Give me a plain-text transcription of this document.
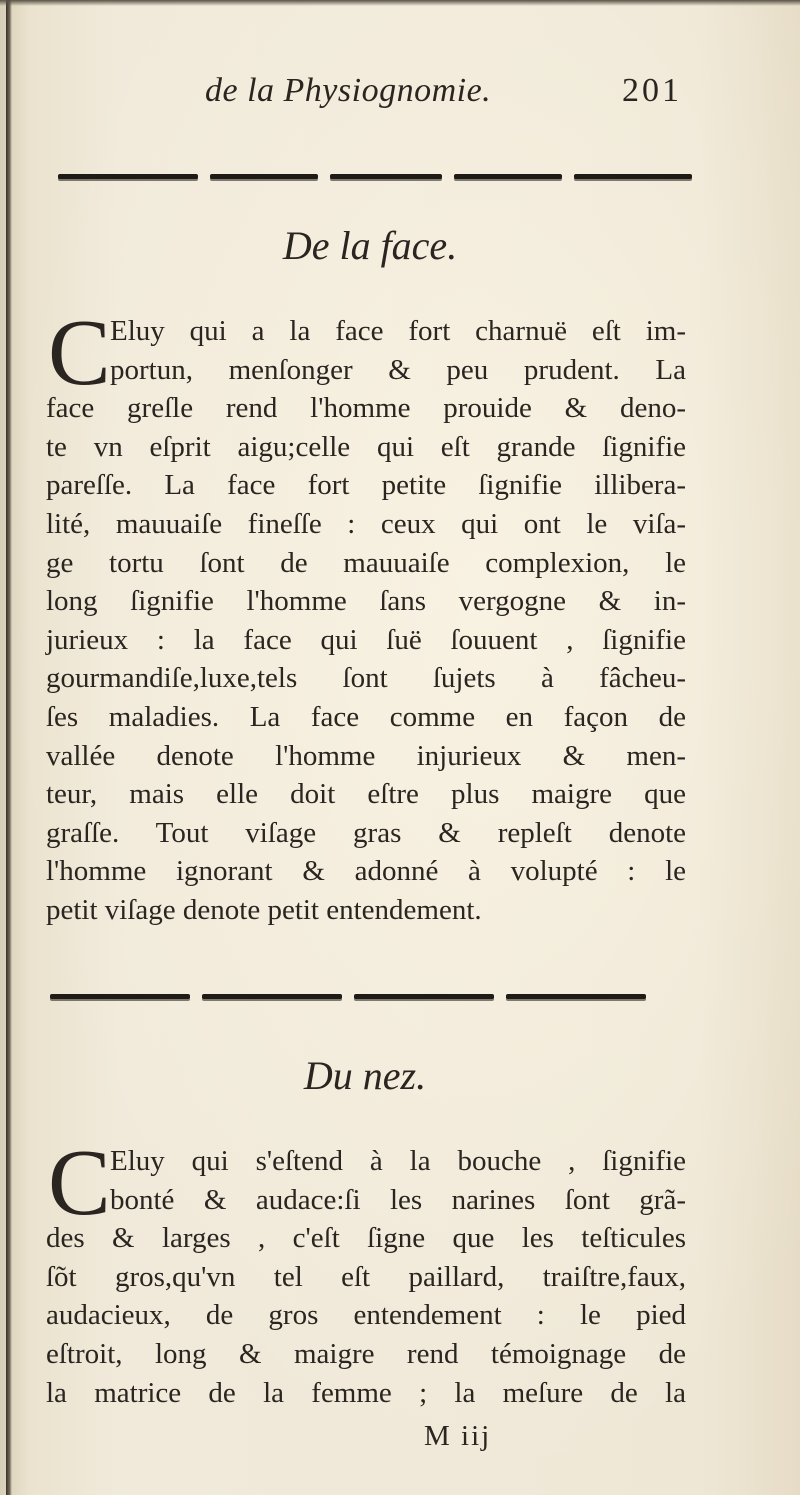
de la Physiognomie.	201
De la face.
C Eluy qui a la face fort charnuë eſt im-
portun, menſonger & peu prudent. La
face greſle rend l'homme prouide & deno-
te vn eſprit aigu;celle qui eſt grande ſignifie
pareſſe. La face fort petite ſignifie illibera-
lité, mauuaiſe fineſſe : ceux qui ont le viſa-
ge tortu ſont de mauuaiſe complexion, le
long ſignifie l'homme ſans vergogne & in-
jurieux : la face qui ſuë ſouuent , ſignifie
gourmandiſe,luxe,tels ſont ſujets à fâcheu-
ſes maladies. La face comme en façon de
vallée denote l'homme injurieux & men-
teur, mais elle doit eſtre plus maigre que
graſſe. Tout viſage gras & repleſt denote
l'homme ignorant & adonné à volupté : le
petit viſage denote petit entendement.
Du nez.
C Eluy qui s'eſtend à la bouche , ſignifie
bonté & audace:ſi les narines ſont grã-
des & larges , c'eſt ſigne que les teſticules
ſõt gros,qu'vn tel eſt paillard, traiſtre,faux,
audacieux, de gros entendement : le pied
eſtroit, long & maigre rend témoignage de
la matrice de la femme ; la meſure de la
M iij
